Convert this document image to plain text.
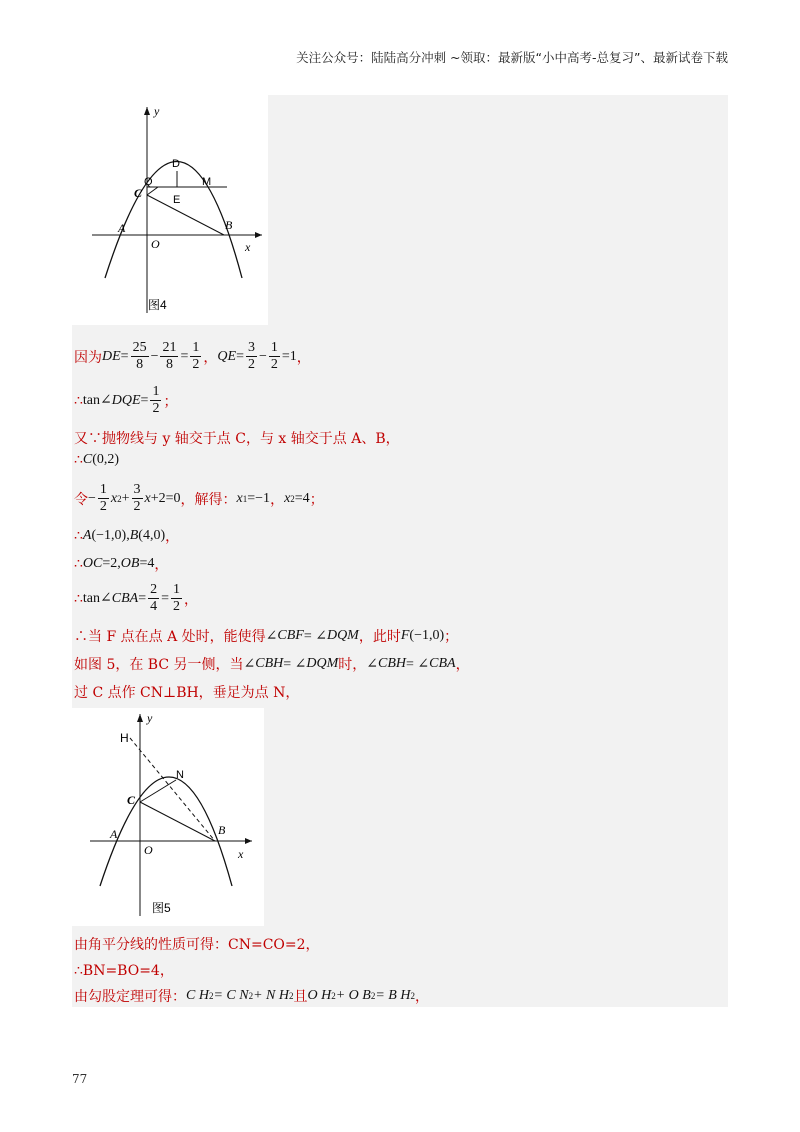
关注公众号：陆陆高分冲刺 ~领取：最新版“小中高考-总复习”、最新试卷下载
y
x
D
Q	M
C	E
A	B
O
图4
因为 DE = $\frac{25}{8} - \frac{21}{8} = \frac{1}{2}$ ， QE = $\frac{3}{2} - \frac{1}{2} =1$ ，
∴ tan∠ DQE = $\frac{1}{2}$ ；
又∵抛物线与 y 轴交于点 C，与 x 轴交于点 A、B，
∴ C (0,2)
令 − $\frac{1}{2}$ x $2 + \frac{3}{2}$ x +2=0 ，解得： x 1 =−1 ， x 2 =4 ；
∴ A (−1,0) , B (4,0) ，
∴ OC =2, OB =4 ，
∴ tan∠ CBA = $\frac{2}{4} = \frac{1}{2}$ ，
∴当 F 点在点 A 处时，能使得 ∠ CBF = ∠ DQM ，此时 F (−1,0) ；
如图 5，在 BC 另一侧，当 ∠ CBH = ∠ DQM 时， ∠ CBH = ∠ CBA ，
过 C 点作 CN⊥BH，垂足为点 N，
y
x
H
N
C
A	B
O
图5
由角平分线的性质可得：CN=CO=2，
∴BN=BO=4，
由勾股定理可得： C H 2 = C N 2 + N H 2 且 O H 2 + O B 2 = B H 2 ，
77
